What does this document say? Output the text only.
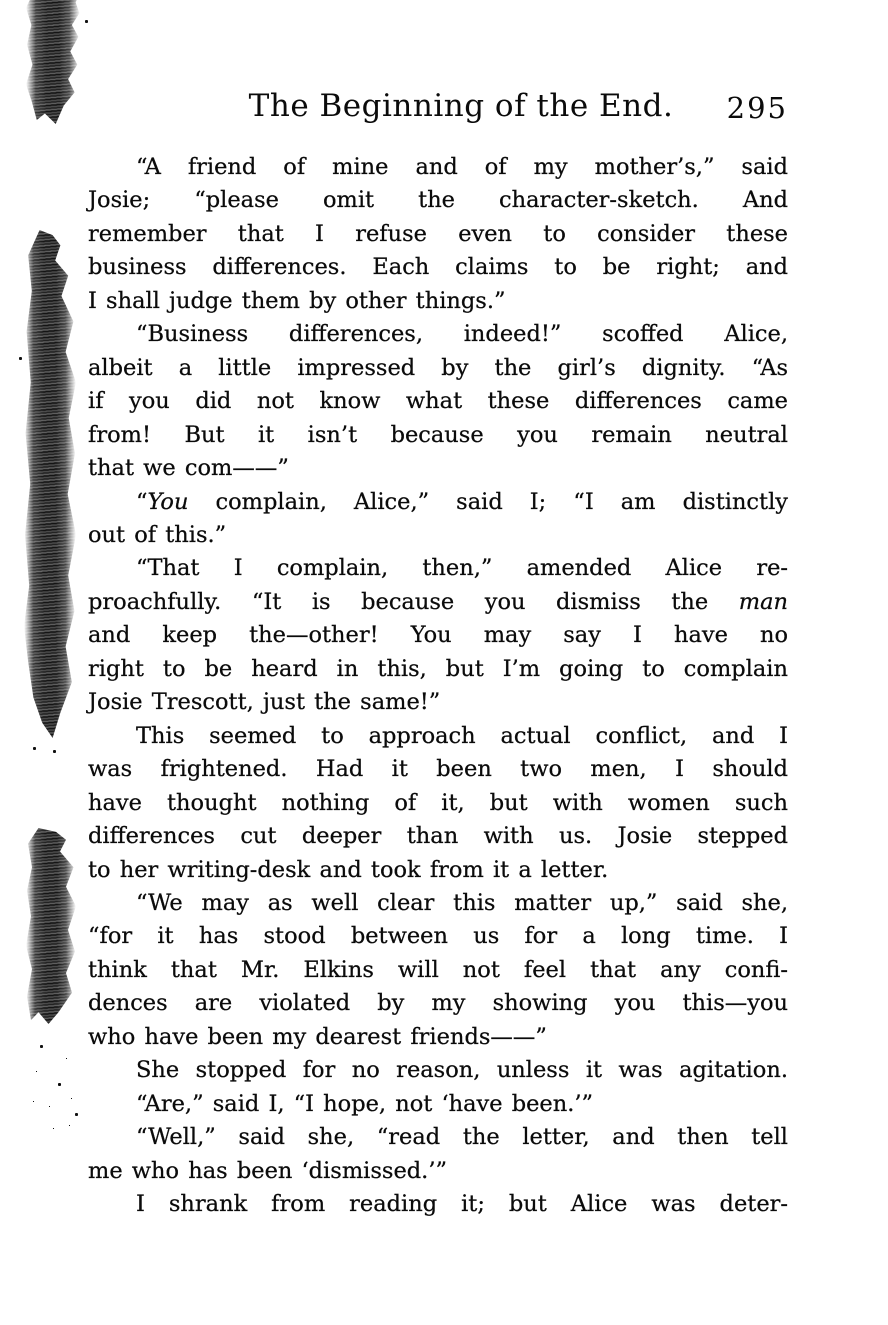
The Beginning of the End.	295
“A friend of mine and of my mother’s,” said
Josie; “please omit the character-sketch. And
remember that I refuse even to consider these
business differences. Each claims to be right; and
I shall judge them by other things.”
“Business differences, indeed!” scoffed Alice,
albeit a little impressed by the girl’s dignity. “As
if you did not know what these differences came
from! But it isn’t because you remain neutral
that we com——”
“You complain, Alice,” said I; “I am distinctly
out of this.”
“That I complain, then,” amended Alice re-
proachfully. “It is because you dismiss the man
and keep the—other! You may say I have no
right to be heard in this, but I’m going to complain
Josie Trescott, just the same!”
This seemed to approach actual conflict, and I
was frightened. Had it been two men, I should
have thought nothing of it, but with women such
differences cut deeper than with us. Josie stepped
to her writing-desk and took from it a letter.
“We may as well clear this matter up,” said she,
“for it has stood between us for a long time. I
think that Mr. Elkins will not feel that any confi-
dences are violated by my showing you this—you
who have been my dearest friends——”
She stopped for no reason, unless it was agitation.
“Are,” said I, “I hope, not ‘have been.’”
“Well,” said she, “read the letter, and then tell
me who has been ‘dismissed.’”
I shrank from reading it; but Alice was deter-
